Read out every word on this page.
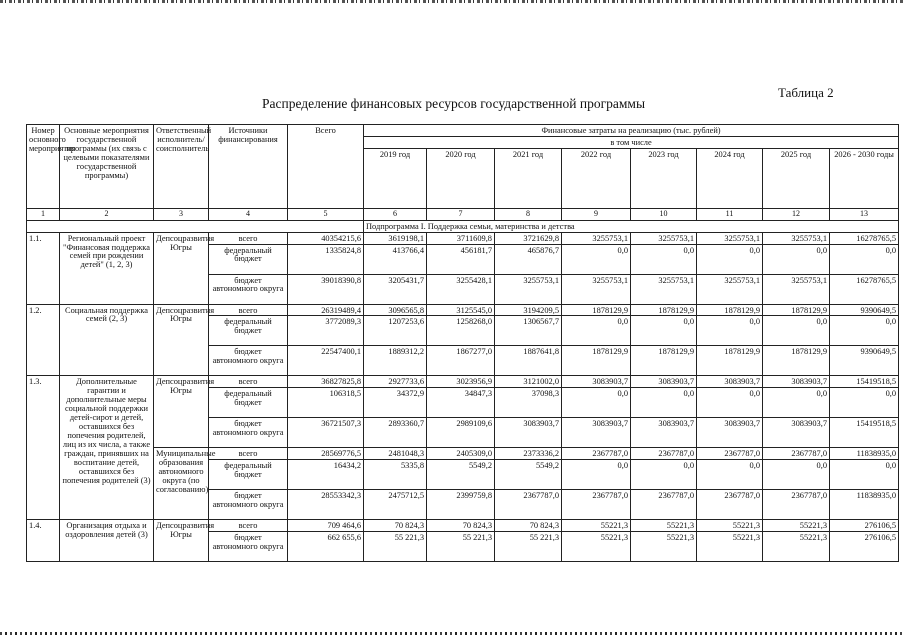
Таблица 2
Распределение финансовых ресурсов государственной программы
Номер основного мероприятия	Основные мероприятия государственной программы (их связь с целевыми показателями государственной программы)	Ответственный исполнитель/соисполнитель	Источники финансирования	Всего	Финансовые затраты на реализацию (тыс. рублей)							
					в том числе							
					2019 год	2020 год	2021 год	2022 год	2023 год	2024 год	2025 год	2026 - 2030 годы
1	2	3	4	5	6	7	8	9	10	11	12	13
					Подпрограмма I. Поддержка семьи, материнства и детства							
1.1.	Региональный проект "Финансовая поддержка семей при рождении детей" (1, 2, 3)	Депсоцразвития Югры	всего	40354215,6	3619198,1	3711609,8	3721629,8	3255753,1	3255753,1	3255753,1	3255753,1	16278765,5
			федеральный бюджет	1335824,8	413766,4	456181,7	465876,7	0,0	0,0	0,0	0,0	0,0
			бюджет автономного округа	39018390,8	3205431,7	3255428,1	3255753,1	3255753,1	3255753,1	3255753,1	3255753,1	16278765,5
1.2.	Социальная поддержка семей (2, 3)	Депсоцразвития Югры	всего	26319489,4	3096565,8	3125545,0	3194209,5	1878129,9	1878129,9	1878129,9	1878129,9	9390649,5
			федеральный бюджет	3772089,3	1207253,6	1258268,0	1306567,7	0,0	0,0	0,0	0,0	0,0
			бюджет автономного округа	22547400,1	1889312,2	1867277,0	1887641,8	1878129,9	1878129,9	1878129,9	1878129,9	9390649,5
1.3.	Дополнительные гарантии и дополнительные меры социальной поддержки детей-сирот и детей, оставшихся без попечения родителей, лиц из их числа, а также граждан, принявших на воспитание детей, оставшихся без попечения родителей (3)	Депсоцразвития Югры	всего	36827825,8	2927733,6	3023956,9	3121002,0	3083903,7	3083903,7	3083903,7	3083903,7	15419518,5
			федеральный бюджет	106318,5	34372,9	34847,3	37098,3	0,0	0,0	0,0	0,0	0,0
			бюджет автономного округа	36721507,3	2893360,7	2989109,6	3083903,7	3083903,7	3083903,7	3083903,7	3083903,7	15419518,5
		Муниципальные образования автономного округа (по согласованию)	всего	28569776,5	2481048,3	2405309,0	2373336,2	2367787,0	2367787,0	2367787,0	2367787,0	11838935,0
			федеральный бюджет	16434,2	5335,8	5549,2	5549,2	0,0	0,0	0,0	0,0	0,0
			бюджет автономного округа	28553342,3	2475712,5	2399759,8	2367787,0	2367787,0	2367787,0	2367787,0	2367787,0	11838935,0
1.4.	Организация отдыха и оздоровления детей (3)	Депсоцразвития Югры	всего	709 464,6	70 824,3	70 824,3	70 824,3	55221,3	55221,3	55221,3	55221,3	276106,5
			бюджет автономного округа	662 655,6	55 221,3	55 221,3	55 221,3	55221,3	55221,3	55221,3	55221,3	276106,5
